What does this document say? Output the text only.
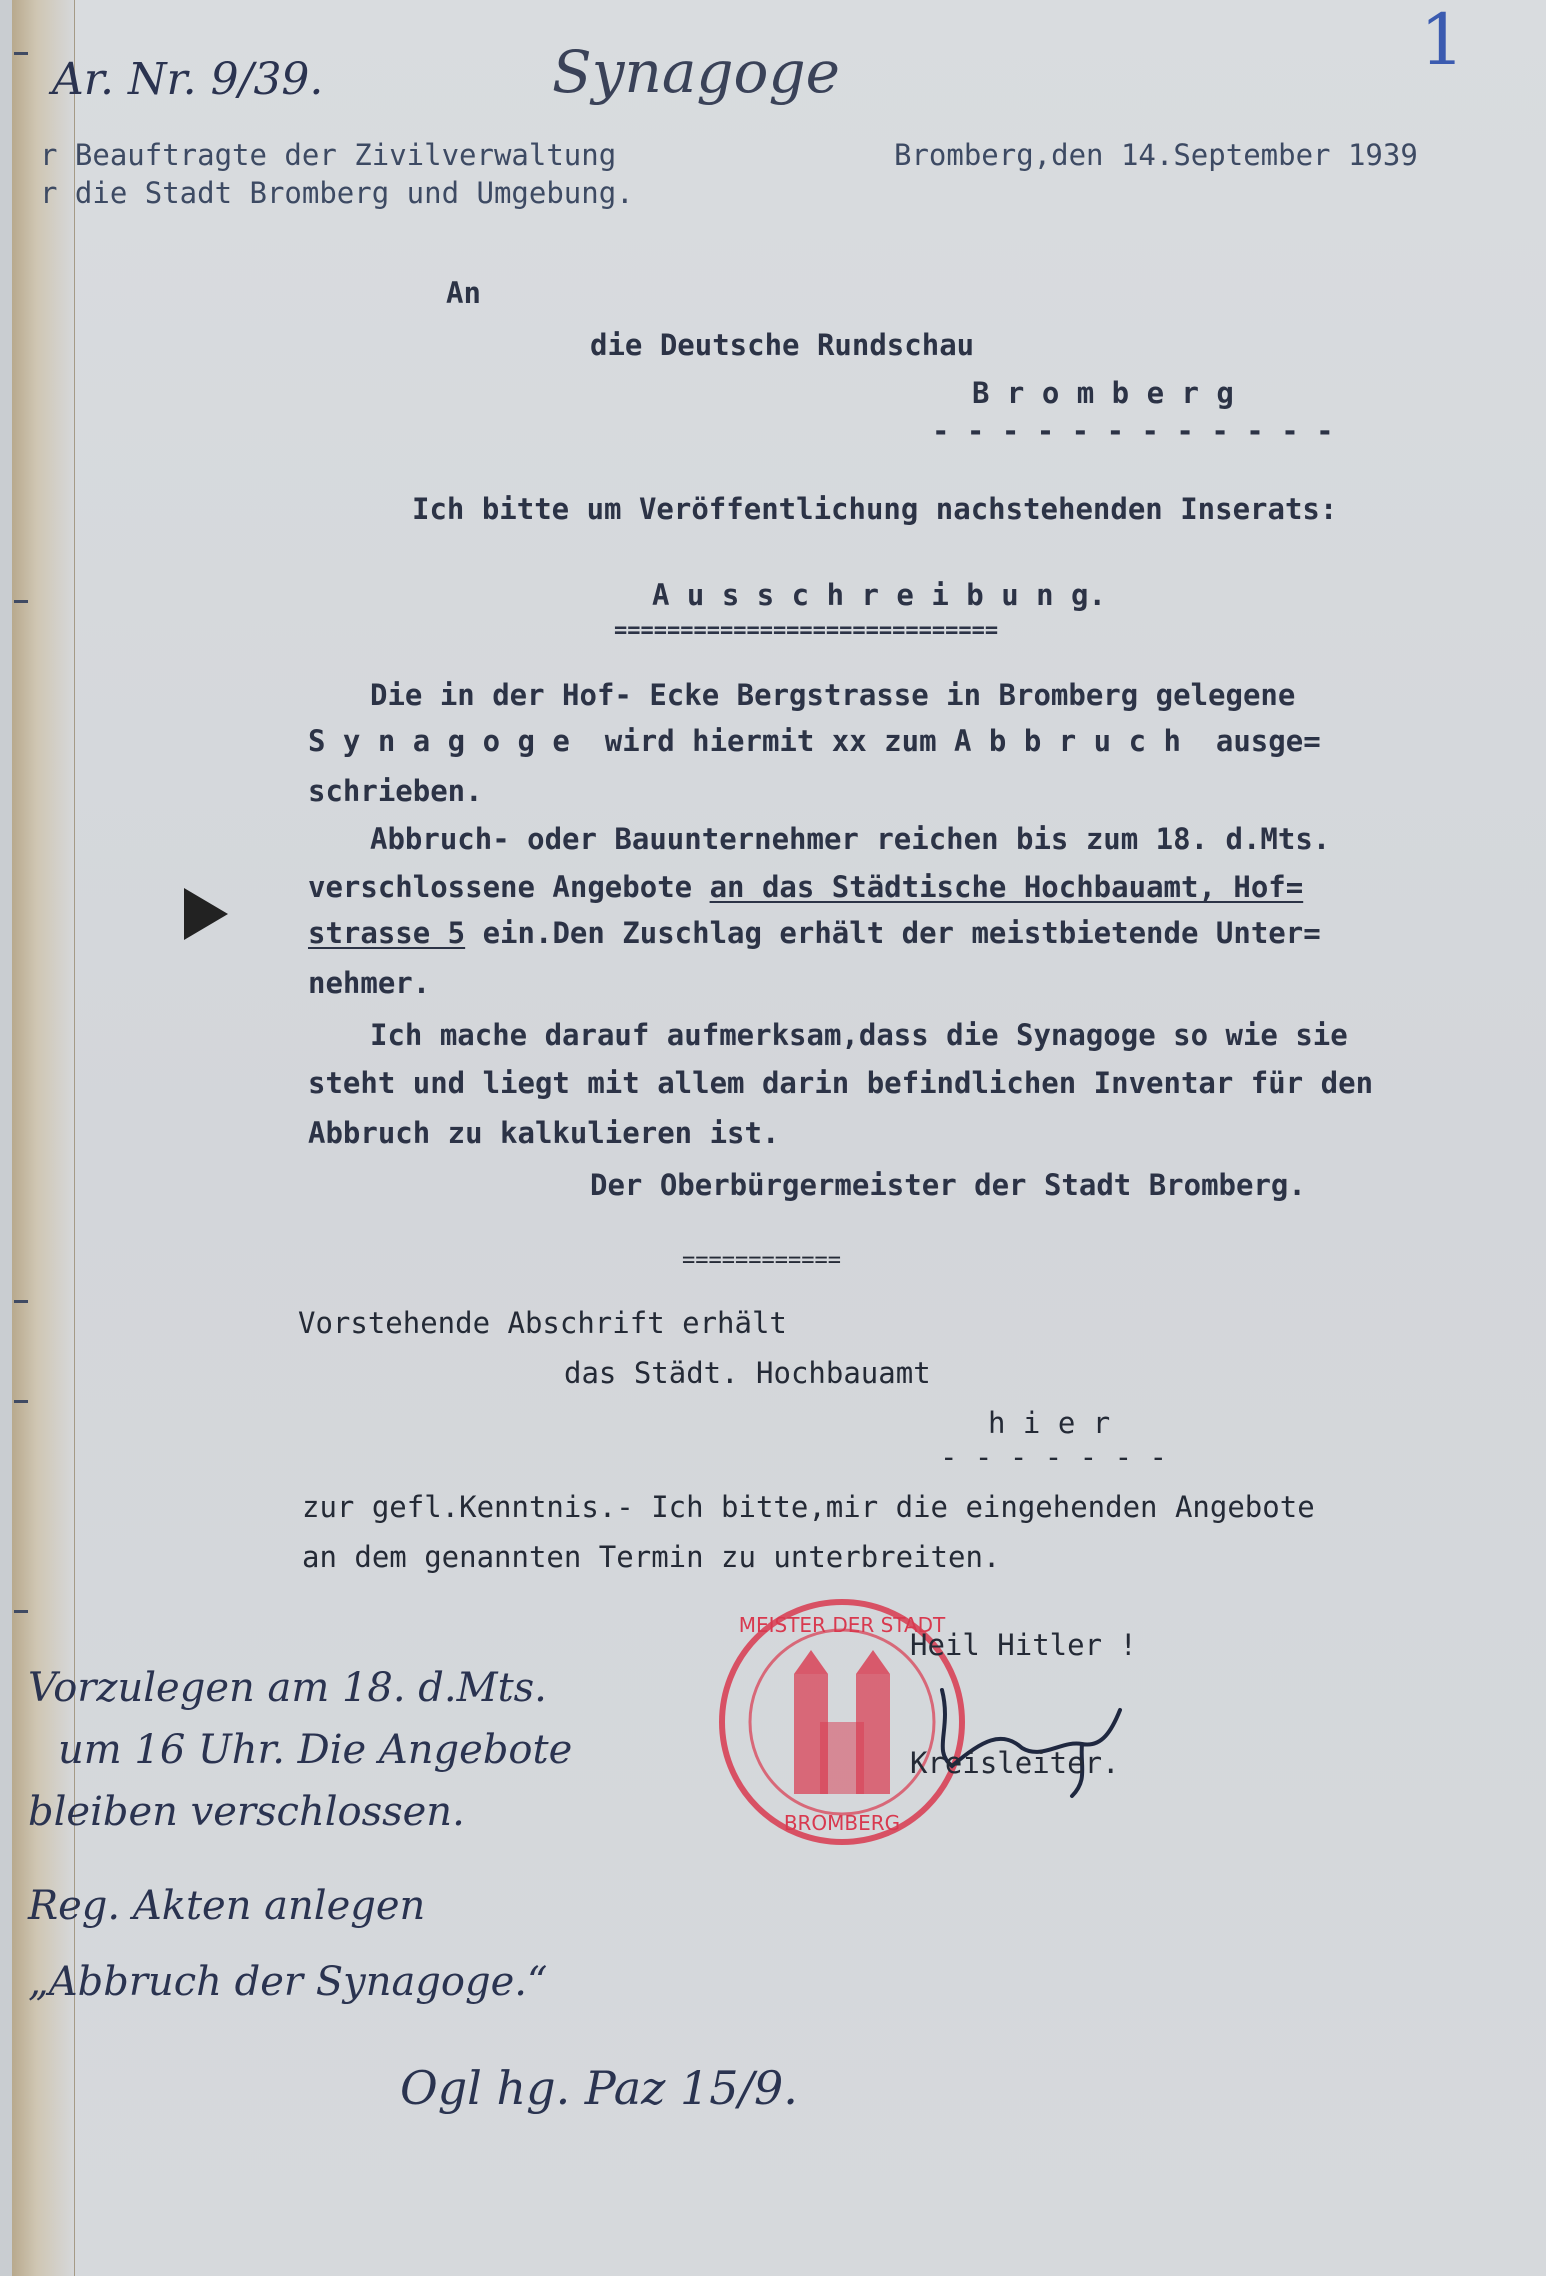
Ar. Nr. 9/39.	Synagoge	1
r Beauftragte der Zivilverwaltung
r die Stadt Bromberg und Umgebung.
Bromberg,den 14.September 1939
An
die Deutsche Rundschau
B r o m b e r g
- - - - - - - - - - - -
Ich bitte um Veröffentlichung nachstehenden Inserats:
A u s s c h r e i b u n g.
=============================
Die in der Hof- Ecke Bergstrasse in Bromberg gelegene
S y n a g o g e  wird hiermit xx zum A b b r u c h  ausge=
schrieben.
Abbruch- oder Bauunternehmer reichen bis zum 18. d.Mts.
verschlossene Angebote an das Städtische Hochbauamt, Hof=
strasse 5 ein.Den Zuschlag erhält der meistbietende Unter=
nehmer.
Ich mache darauf aufmerksam,dass die Synagoge so wie sie
steht und liegt mit allem darin befindlichen Inventar für den
Abbruch zu kalkulieren ist.
Der Oberbürgermeister der Stadt Bromberg.
============
Vorstehende Abschrift erhält
das Städt. Hochbauamt
h i e r
- - - - - - -
zur gefl.Kenntnis.- Ich bitte,mir die eingehenden Angebote
an dem genannten Termin zu unterbreiten.
MEISTER DER STADT
BROMBERG
Heil Hitler !
Kreisleiter.
Vorzulegen am 18. d.Mts.
um 16 Uhr. Die Angebote
bleiben verschlossen.
Reg. Akten anlegen
„Abbruch der Synagoge.“
Ogl hg. Paz 15/9.
